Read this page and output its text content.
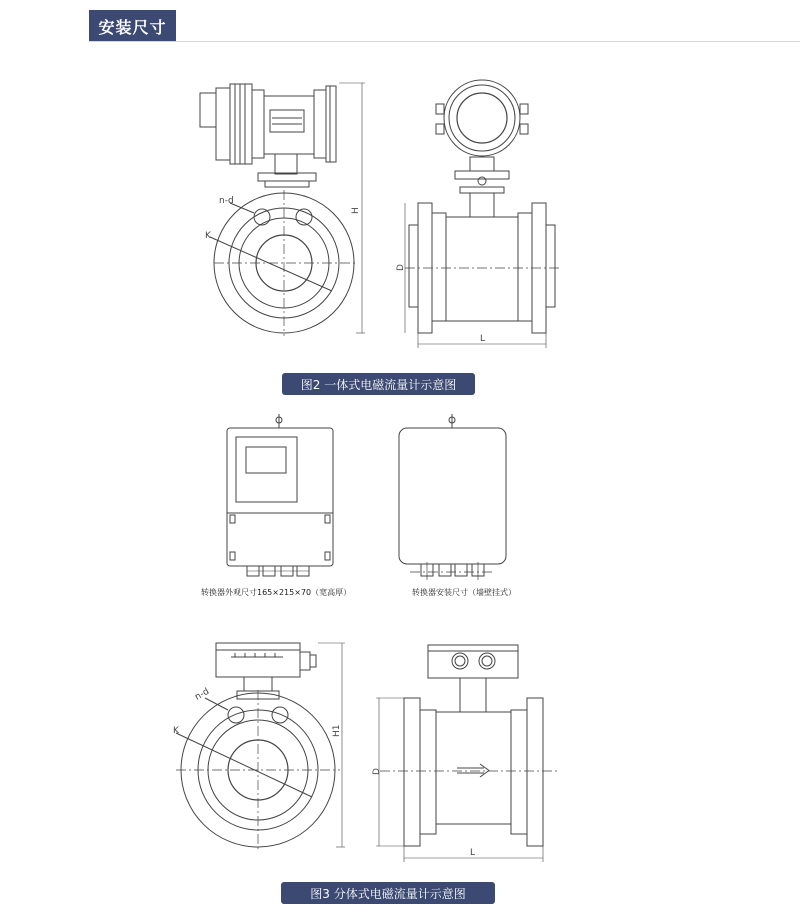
安装尺寸
n-d
K
H
D
L
n-d
K	H1
D
L
图2 一体式电磁流量计示意图
转换器外观尺寸165×215×70（宽高厚）	转换器安装尺寸（墙壁挂式）
图3 分体式电磁流量计示意图
